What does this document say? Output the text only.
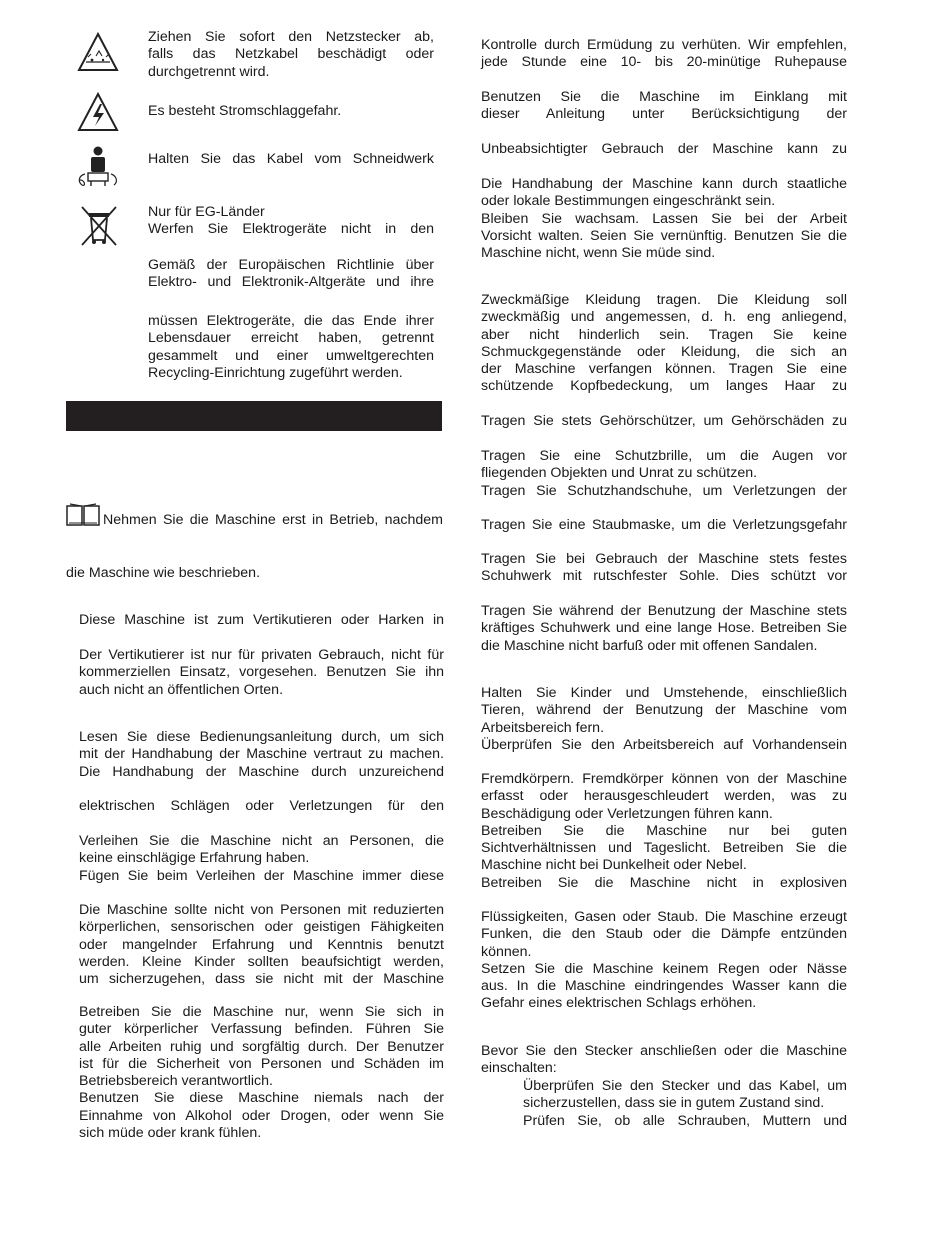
Ziehen Sie sofort den Netzstecker ab,

falls das Netzkabel beschädigt oder

durchgetrennt wird.

Es besteht Stromschlaggefahr.

Halten Sie das Kabel vom Schneidwerk

Nur für EG-Länder

Werfen Sie Elektrogeräte nicht in den

Gemäß der Europäischen Richtlinie über

Elektro- und Elektronik-Altgeräte und ihre

müssen Elektrogeräte, die das Ende ihrer

Lebensdauer erreicht haben, getrennt

gesammelt und einer umweltgerechten

Recycling-Einrichtung zugeführt werden.

Nehmen Sie die Maschine erst in Betrieb, nachdem

die Maschine wie beschrieben.

Diese Maschine ist zum Vertikutieren oder Harken in

Der Vertikutierer ist nur für privaten Gebrauch, nicht für

kommerziellen Einsatz, vorgesehen. Benutzen Sie ihn

auch nicht an öffentlichen Orten.

Lesen Sie diese Bedienungsanleitung durch, um sich

mit der Handhabung der Maschine vertraut zu machen.

Die Handhabung der Maschine durch unzureichend

elektrischen Schlägen oder Verletzungen für den

Verleihen Sie die Maschine nicht an Personen, die

keine einschlägige Erfahrung haben.

Fügen Sie beim Verleihen der Maschine immer diese

Die Maschine sollte nicht von Personen mit reduzierten

körperlichen, sensorischen oder geistigen Fähigkeiten

oder mangelnder Erfahrung und Kenntnis benutzt

werden. Kleine Kinder sollten beaufsichtigt werden,

um sicherzugehen, dass sie nicht mit der Maschine

Betreiben Sie die Maschine nur, wenn Sie sich in

guter körperlicher Verfassung befinden. Führen Sie

alle Arbeiten ruhig und sorgfältig durch. Der Benutzer

ist für die Sicherheit von Personen und Schäden im

Betriebsbereich verantwortlich.

Benutzen Sie diese Maschine niemals nach der

Einnahme von Alkohol oder Drogen, oder wenn Sie

sich müde oder krank fühlen.

Kontrolle durch Ermüdung zu verhüten. Wir empfehlen,

jede Stunde eine 10- bis 20-minütige Ruhepause

Benutzen Sie die Maschine im Einklang mit

dieser Anleitung unter Berücksichtigung der

Unbeabsichtigter Gebrauch der Maschine kann zu

Die Handhabung der Maschine kann durch staatliche

oder lokale Bestimmungen eingeschränkt sein.

Bleiben Sie wachsam. Lassen Sie bei der Arbeit

Vorsicht walten. Seien Sie vernünftig. Benutzen Sie die

Maschine nicht, wenn Sie müde sind.

Zweckmäßige Kleidung tragen. Die Kleidung soll

zweckmäßig und angemessen, d. h. eng anliegend,

aber nicht hinderlich sein. Tragen Sie keine

Schmuckgegenstände oder Kleidung, die sich an

der Maschine verfangen können. Tragen Sie eine

schützende Kopfbedeckung, um langes Haar zu

Tragen Sie stets Gehörschützer, um Gehörschäden zu

Tragen Sie eine Schutzbrille, um die Augen vor

fliegenden Objekten und Unrat zu schützen.

Tragen Sie Schutzhandschuhe, um Verletzungen der

Tragen Sie eine Staubmaske, um die Verletzungsgefahr

Tragen Sie bei Gebrauch der Maschine stets festes

Schuhwerk mit rutschfester Sohle. Dies schützt vor

Tragen Sie während der Benutzung der Maschine stets

kräftiges Schuhwerk und eine lange Hose. Betreiben Sie

die Maschine nicht barfuß oder mit offenen Sandalen.

Halten Sie Kinder und Umstehende, einschließlich

Tieren, während der Benutzung der Maschine vom

Arbeitsbereich fern.

Überprüfen Sie den Arbeitsbereich auf Vorhandensein

Fremdkörpern. Fremdkörper können von der Maschine

erfasst oder herausgeschleudert werden, was zu

Beschädigung oder Verletzungen führen kann.

Betreiben Sie die Maschine nur bei guten

Sichtverhältnissen und Tageslicht. Betreiben Sie die

Maschine nicht bei Dunkelheit oder Nebel.

Betreiben Sie die Maschine nicht in explosiven

Flüssigkeiten, Gasen oder Staub. Die Maschine erzeugt

Funken, die den Staub oder die Dämpfe entzünden

können.

Setzen Sie die Maschine keinem Regen oder Nässe

aus. In die Maschine eindringendes Wasser kann die

Gefahr eines elektrischen Schlags erhöhen.

Bevor Sie den Stecker anschließen oder die Maschine

einschalten:

Überprüfen Sie den Stecker und das Kabel, um

sicherzustellen, dass sie in gutem Zustand sind.

Prüfen Sie, ob alle Schrauben, Muttern und
